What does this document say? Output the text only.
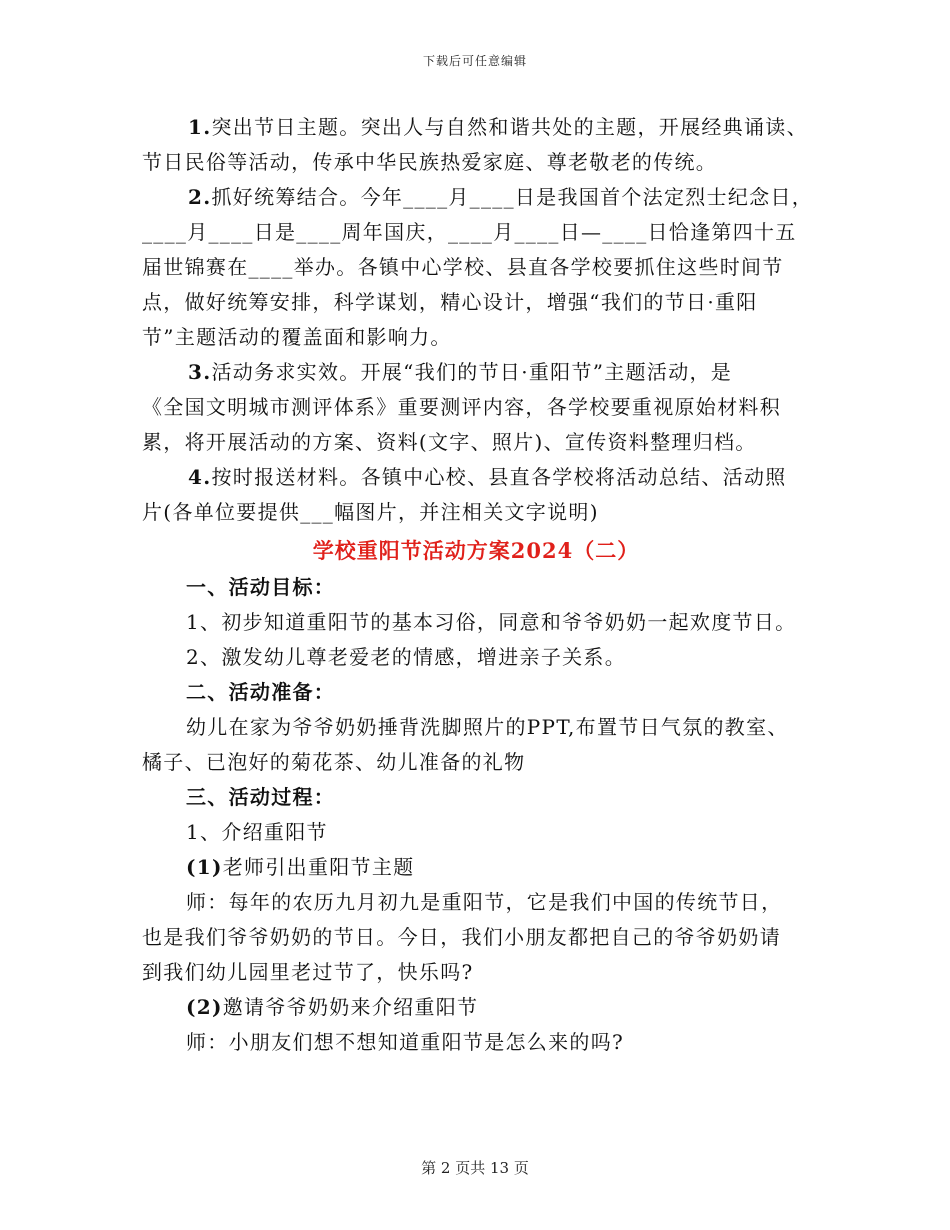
下载后可任意编辑
1.突出节日主题。突出人与自然和谐共处的主题，开展经典诵读、
节日民俗等活动，传承中华民族热爱家庭、尊老敬老的传统。
2.抓好统筹结合。今年____月____日是我国首个法定烈士纪念日，
____月____日是____周年国庆，____月____日—____日恰逢第四十五
届世锦赛在____举办。各镇中心学校、县直各学校要抓住这些时间节
点，做好统筹安排，科学谋划，精心设计，增强“我们的节日·重阳
节”主题活动的覆盖面和影响力。
3.活动务求实效。开展“我们的节日·重阳节”主题活动，是
《全国文明城市测评体系》重要测评内容，各学校要重视原始材料积
累，将开展活动的方案、资料(文字、照片)、宣传资料整理归档。
4.按时报送材料。各镇中心校、县直各学校将活动总结、活动照
片(各单位要提供___幅图片，并注相关文字说明)
学校重阳节活动方案2024（二）
一、活动目标：
1、初步知道重阳节的基本习俗，同意和爷爷奶奶一起欢度节日。
2、激发幼儿尊老爱老的情感，增进亲子关系。
二、活动准备：
幼儿在家为爷爷奶奶捶背洗脚照片的PPT,布置节日气氛的教室、
橘子、已泡好的菊花茶、幼儿准备的礼物
三、活动过程：
1、介绍重阳节
(1)老师引出重阳节主题
师：每年的农历九月初九是重阳节，它是我们中国的传统节日，
也是我们爷爷奶奶的节日。今日，我们小朋友都把自己的爷爷奶奶请
到我们幼儿园里老过节了，快乐吗?
(2)邀请爷爷奶奶来介绍重阳节
师：小朋友们想不想知道重阳节是怎么来的吗?
第 2 页共 13 页
